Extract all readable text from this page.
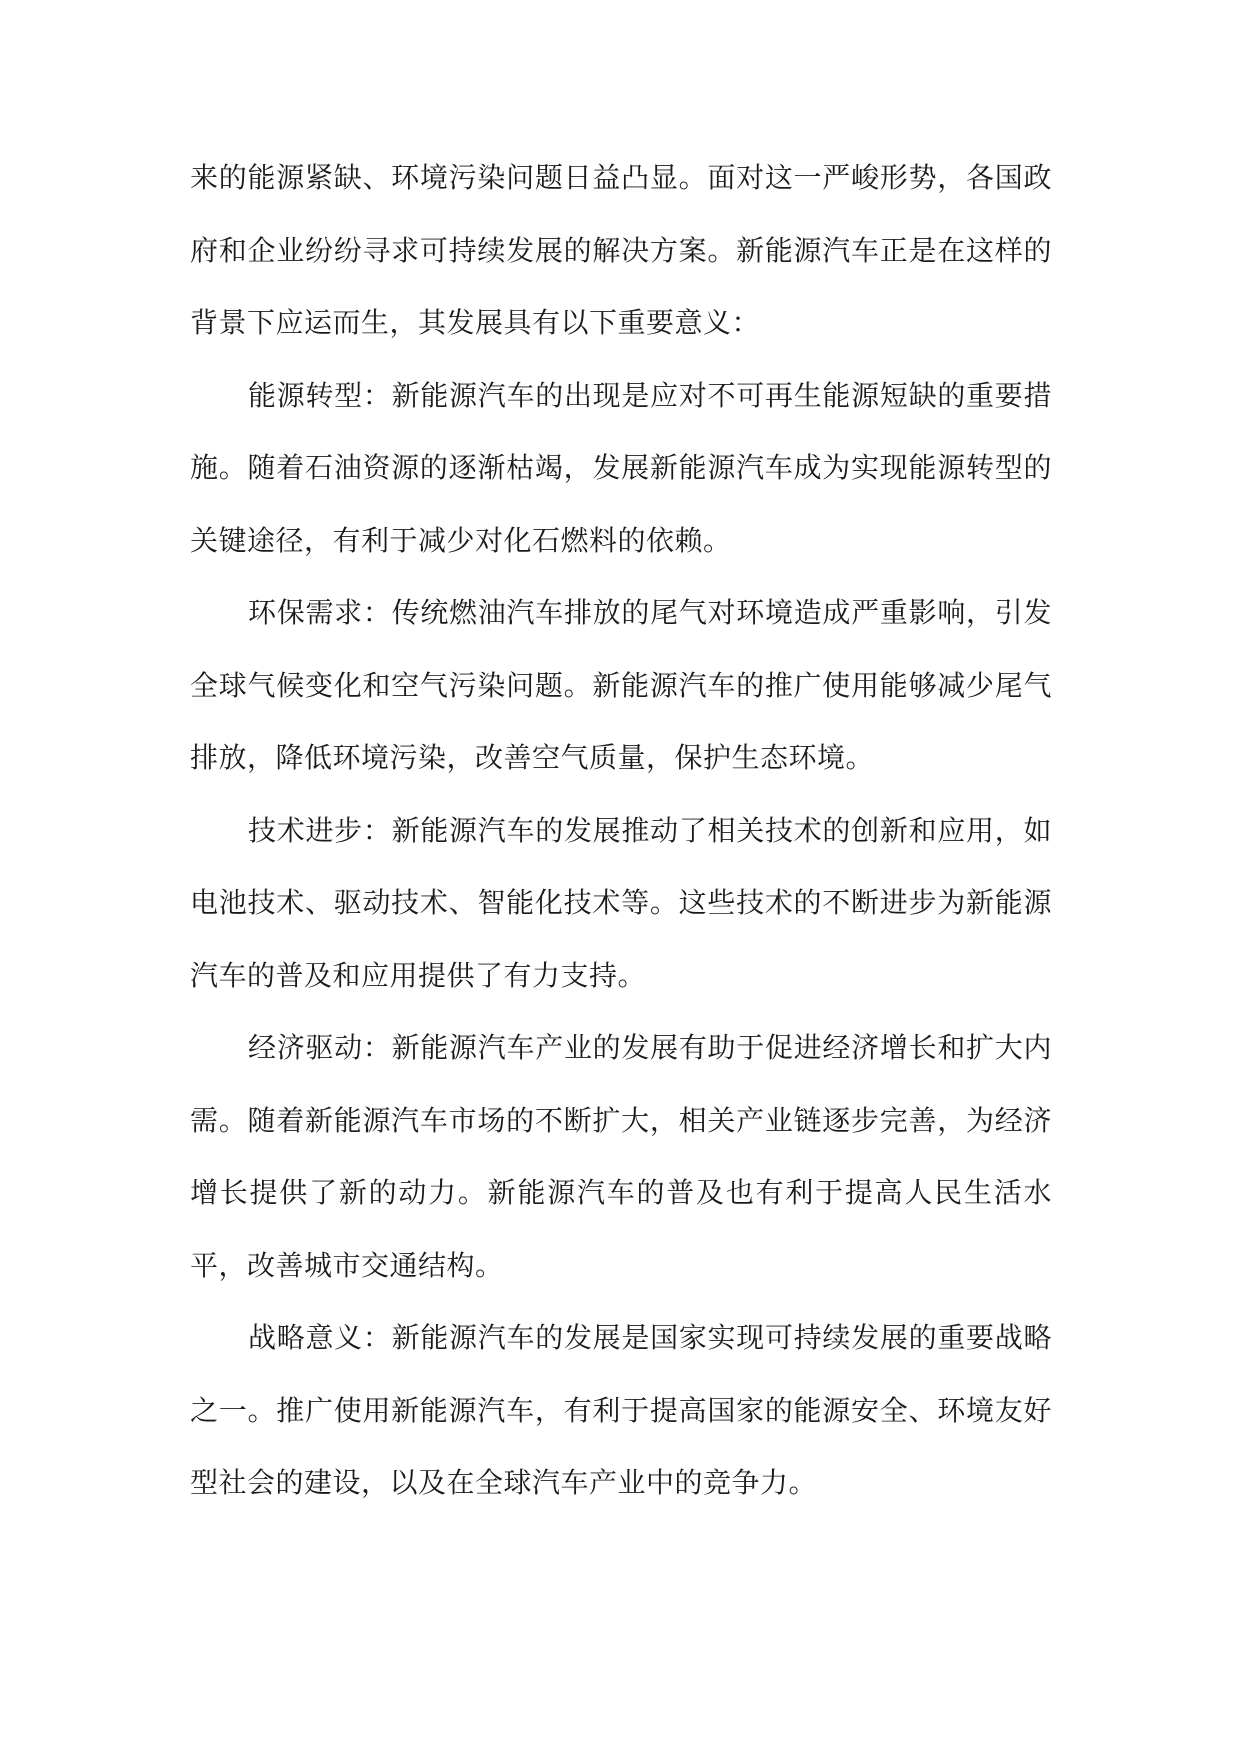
来的能源紧缺、环境污染问题日益凸显。面对这一严峻形势，各国政府和企业纷纷寻求可持续发展的解决方案。新能源汽车正是在这样的背景下应运而生，其发展具有以下重要意义：

能源转型：新能源汽车的出现是应对不可再生能源短缺的重要措施。随着石油资源的逐渐枯竭，发展新能源汽车成为实现能源转型的关键途径，有利于减少对化石燃料的依赖。

环保需求：传统燃油汽车排放的尾气对环境造成严重影响，引发全球气候变化和空气污染问题。新能源汽车的推广使用能够减少尾气排放，降低环境污染，改善空气质量，保护生态环境。

技术进步：新能源汽车的发展推动了相关技术的创新和应用，如电池技术、驱动技术、智能化技术等。这些技术的不断进步为新能源汽车的普及和应用提供了有力支持。

经济驱动：新能源汽车产业的发展有助于促进经济增长和扩大内需。随着新能源汽车市场的不断扩大，相关产业链逐步完善，为经济增长提供了新的动力。新能源汽车的普及也有利于提高人民生活水平，改善城市交通结构。

战略意义：新能源汽车的发展是国家实现可持续发展的重要战略之一。推广使用新能源汽车，有利于提高国家的能源安全、环境友好型社会的建设，以及在全球汽车产业中的竞争力。
